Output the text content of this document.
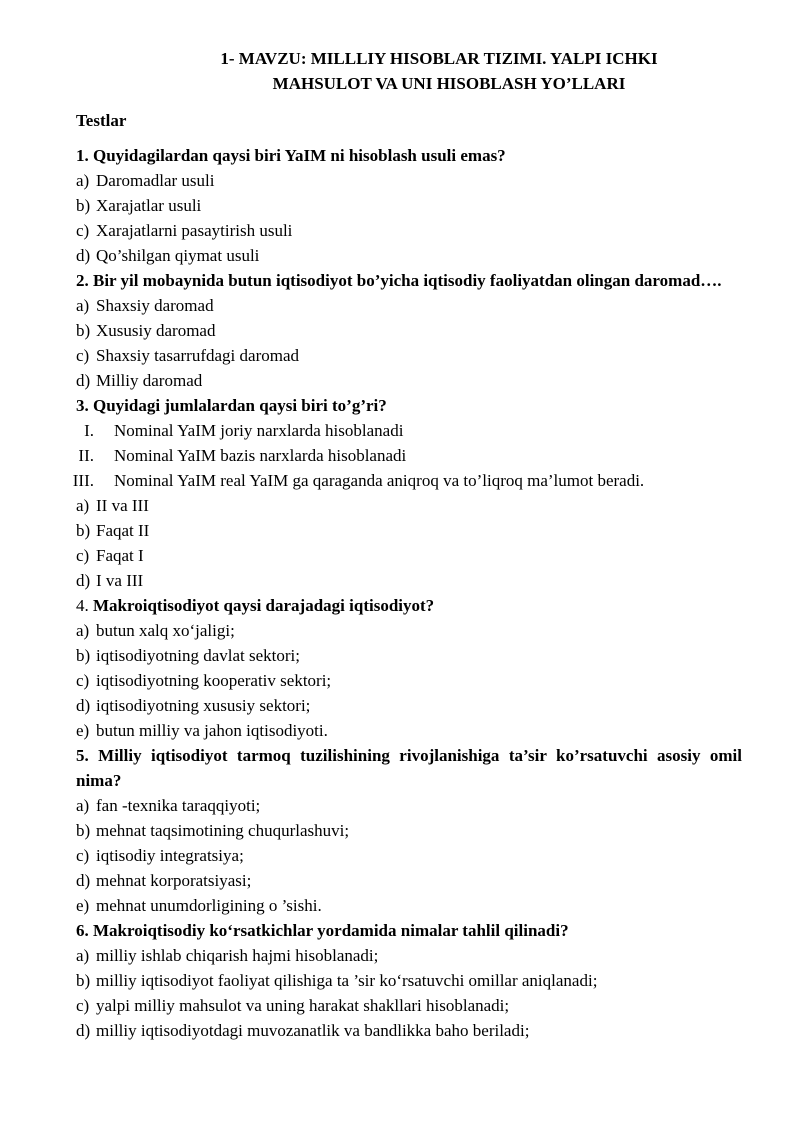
1- MAVZU: MILLLIY HISOBLAR TIZIMI. YALPI ICHKI
MAHSULOT VA UNI HISOBLASH YO’LLARI
Testlar
1. Quyidagilardan qaysi biri YaIM ni hisoblash usuli emas?
a) Daromadlar usuli
b) Xarajatlar usuli
c) Xarajatlarni pasaytirish usuli
d) Qo’shilgan qiymat usuli
2. Bir yil mobaynida butun iqtisodiyot bo’yicha iqtisodiy faoliyatdan olingan daromad….
a) Shaxsiy daromad
b) Xususiy daromad
c) Shaxsiy tasarrufdagi daromad
d) Milliy daromad
3. Quyidagi jumlalardan qaysi biri to’g’ri?
I.	Nominal YaIM joriy narxlarda hisoblanadi
II.	Nominal YaIM bazis narxlarda hisoblanadi
III.	Nominal YaIM real YaIM ga qaraganda aniqroq va to’liqroq ma’lumot beradi.
a) II va III
b) Faqat II
c) Faqat I
d) I va III
4. Makroiqtisodiyot qaysi darajadagi iqtisodiyot?
a) butun xalq xo‘jaligi;
b) iqtisodiyotning davlat sektori;
c) iqtisodiyotning kooperativ sektori;
d) iqtisodiyotning xususiy sektori;
e) butun milliy va jahon iqtisodiyoti.
5. Milliy iqtisodiyot tarmoq tuzilishining rivojlanishiga ta’sir ko’rsatuvchi asosiy omil nima?
a) fan -texnika taraqqiyoti;
b) mehnat taqsimotining chuqurlashuvi;
c) iqtisodiy integratsiya;
d) mehnat korporatsiyasi;
e) mehnat unumdorligining o ’sishi.
6. Makroiqtisodiy ko‘rsatkichlar yordamida nimalar tahlil qilinadi?
a) milliy ishlab chiqarish hajmi hisoblanadi;
b) milliy iqtisodiyot faoliyat qilishiga ta ’sir ko‘rsatuvchi omillar aniqlanadi;
c) yalpi milliy mahsulot va uning harakat shakllari hisoblanadi;
d) milliy iqtisodiyotdagi muvozanatlik va bandlikka baho beriladi;
